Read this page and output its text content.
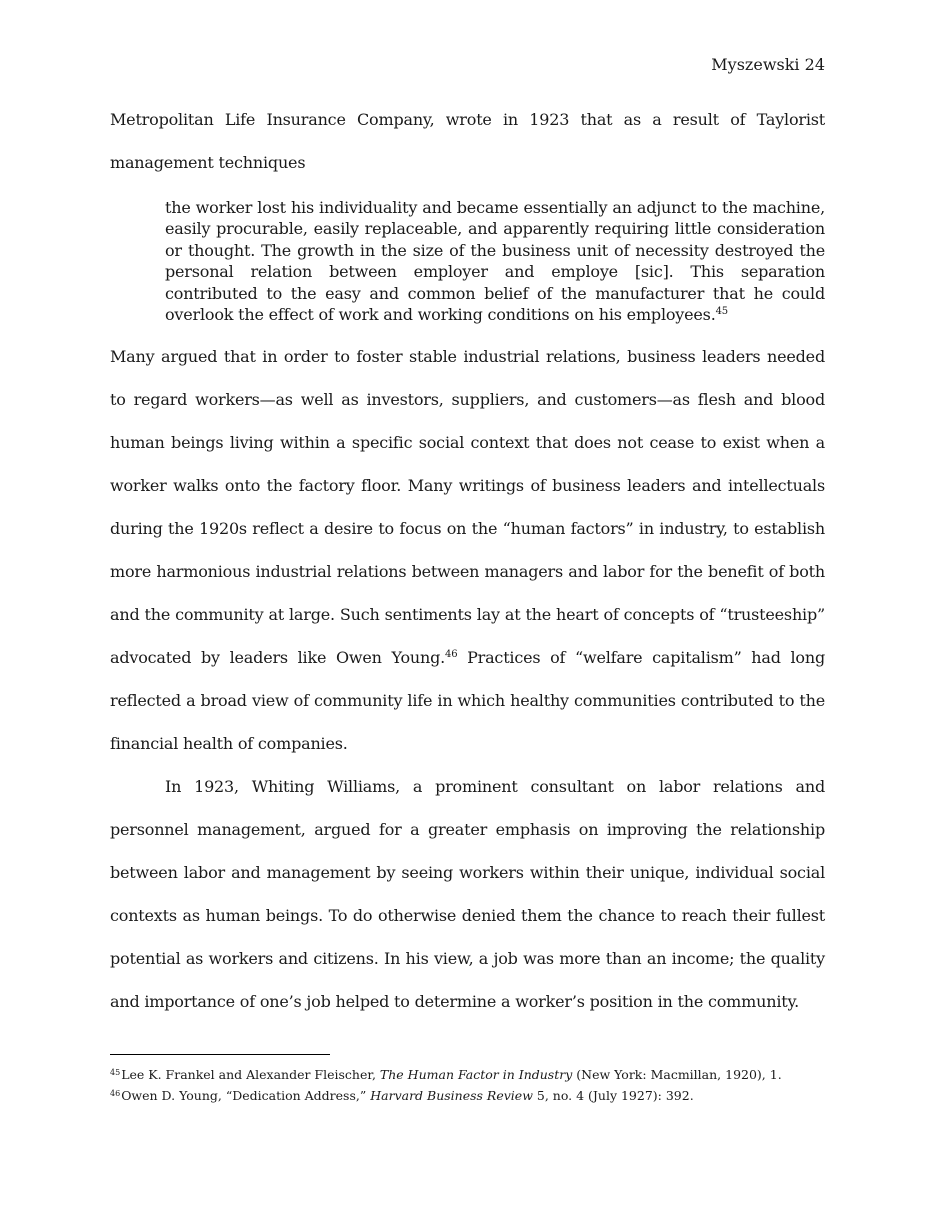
Myszewski 24

Metropolitan Life Insurance Company, wrote in 1923 that as a result of Taylorist management techniques

the worker lost his individuality and became essentially an adjunct to the machine, easily procurable, easily replaceable, and apparently requiring little consideration or thought. The growth in the size of the business unit of necessity destroyed the personal relation between employer and employe [sic]. This separation contributed to the easy and common belief of the manufacturer that he could overlook the effect of work and working conditions on his employees.$^{45}$

Many argued that in order to foster stable industrial relations, business leaders needed to regard workers—as well as investors, suppliers, and customers—as flesh and blood human beings living within a specific social context that does not cease to exist when a worker walks onto the factory floor. Many writings of business leaders and intellectuals during the 1920s reflect a desire to focus on the “human factors” in industry, to establish more harmonious industrial relations between managers and labor for the benefit of both and the community at large. Such sentiments lay at the heart of concepts of “trusteeship” advocated by leaders like Owen Young.$^{46}$ Practices of “welfare capitalism” had long reflected a broad view of community life in which healthy communities contributed to the financial health of companies.

In 1923, Whiting Williams, a prominent consultant on labor relations and personnel management, argued for a greater emphasis on improving the relationship between labor and management by seeing workers within their unique, individual social contexts as human beings. To do otherwise denied them the chance to reach their fullest potential as workers and citizens. In his view, a job was more than an income; the quality and importance of one’s job helped to determine a worker’s position in the community.

$^{45}$Lee K. Frankel and Alexander Fleischer, The Human Factor in Industry (New York: Macmillan, 1920), 1.
$^{46}$Owen D. Young, “Dedication Address,” Harvard Business Review 5, no. 4 (July 1927): 392.
